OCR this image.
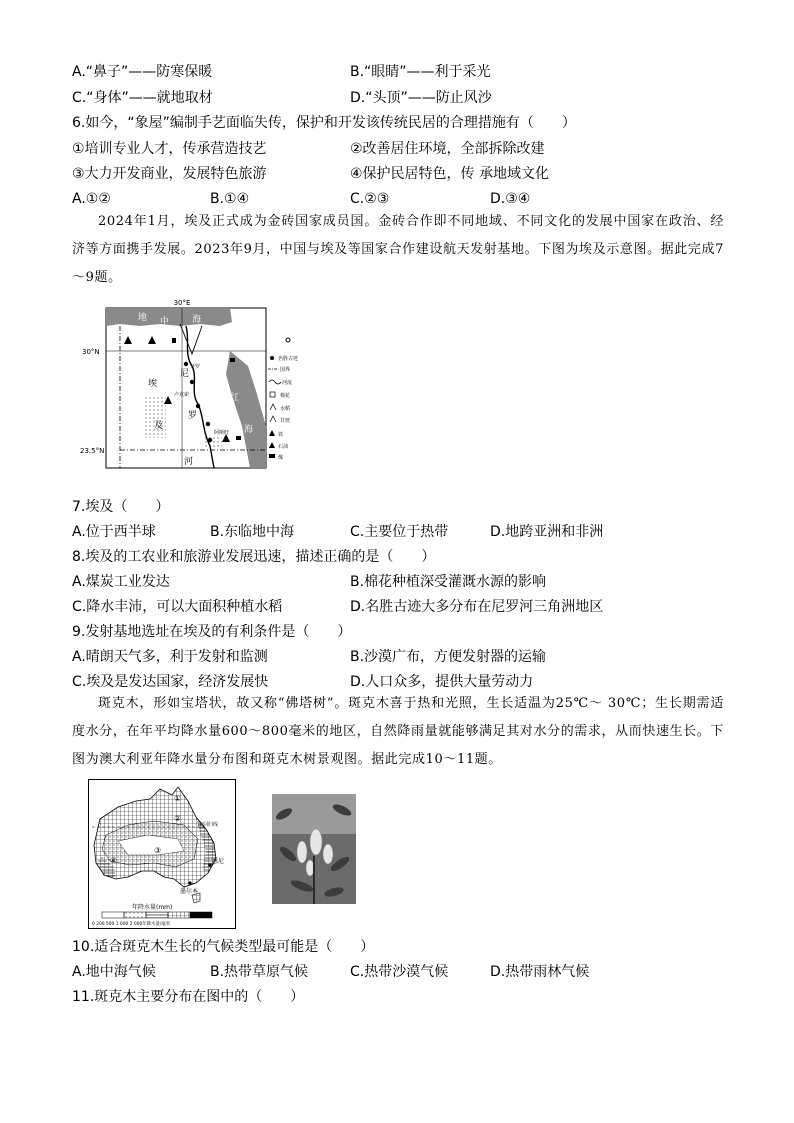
A.“鼻子”——防寒保暖	B.“眼睛”——利于采光
C.“身体”——就地取材	D.“头顶”——防止风沙
6.如今，“象屋”编制手艺面临失传，保护和开发该传统民居的合理措施有（　　）
①培训专业人才，传承营造技艺	②改善居住环境，全部拆除改建
③大力开发商业，发展特色旅游	④保护民居特色，传 承地域文化
A.①②	B.①④	C.②③	D.③④

2024年1月，埃及正式成为金砖国家成员国。金砖合作即不同地域、不同文化的发展中国家在政治、经济等方面携手发展。2023年9月，中国与埃及等国家合作建设航天发射基地。下图为埃及示意图。据此完成7～9题。

30°E
30°N
23.5°N
地 中	海
埃
及
尼
罗
河
红
海
开罗
卢克索
阿斯旺
名胜古迹
国界
河流
棉花
水稻
甘蔗
铁
石油
煤
7.埃及（　　）
A.位于西半球	B.东临地中海	C.主要位于热带	D.地跨亚洲和非洲
8.埃及的工农业和旅游业发展迅速，描述正确的是（　　）
A.煤炭工业发达	B.棉花种植深受灌溉水源的影响
C.降水丰沛，可以大面积种植水稻	D.名胜古迹大多分布在尼罗河三角洲地区
9.发射基地选址在埃及的有利条件是（　　）
A.晴朗天气多，利于发射和监测	B.沙漠广布，方便发射器的运输
C.埃及是发达国家，经济发展快	D.人口众多，提供大量劳动力

斑克木，形如宝塔状，故又称“佛塔树”。斑克木喜于热和光照，生长适温为25℃～ 30℃；生长期需适度水分，在年平均降水量600～800毫米的地区，自然降雨量就能够满足其对水分的需求，从而快速生长。下图为澳大利亚年降水量分布图和斑克木树景观图。据此完成10～11题。

南回归线
悉尼
墨尔本
①
②
③
④
年降水量(mm)
0 200 500 1 000 2 000年降水量/毫米
10.适合斑克木生长的气候类型最可能是（　　）
A.地中海气候	B.热带草原气候	C.热带沙漠气候	D.热带雨林气候
11.斑克木主要分布在图中的（　　）
